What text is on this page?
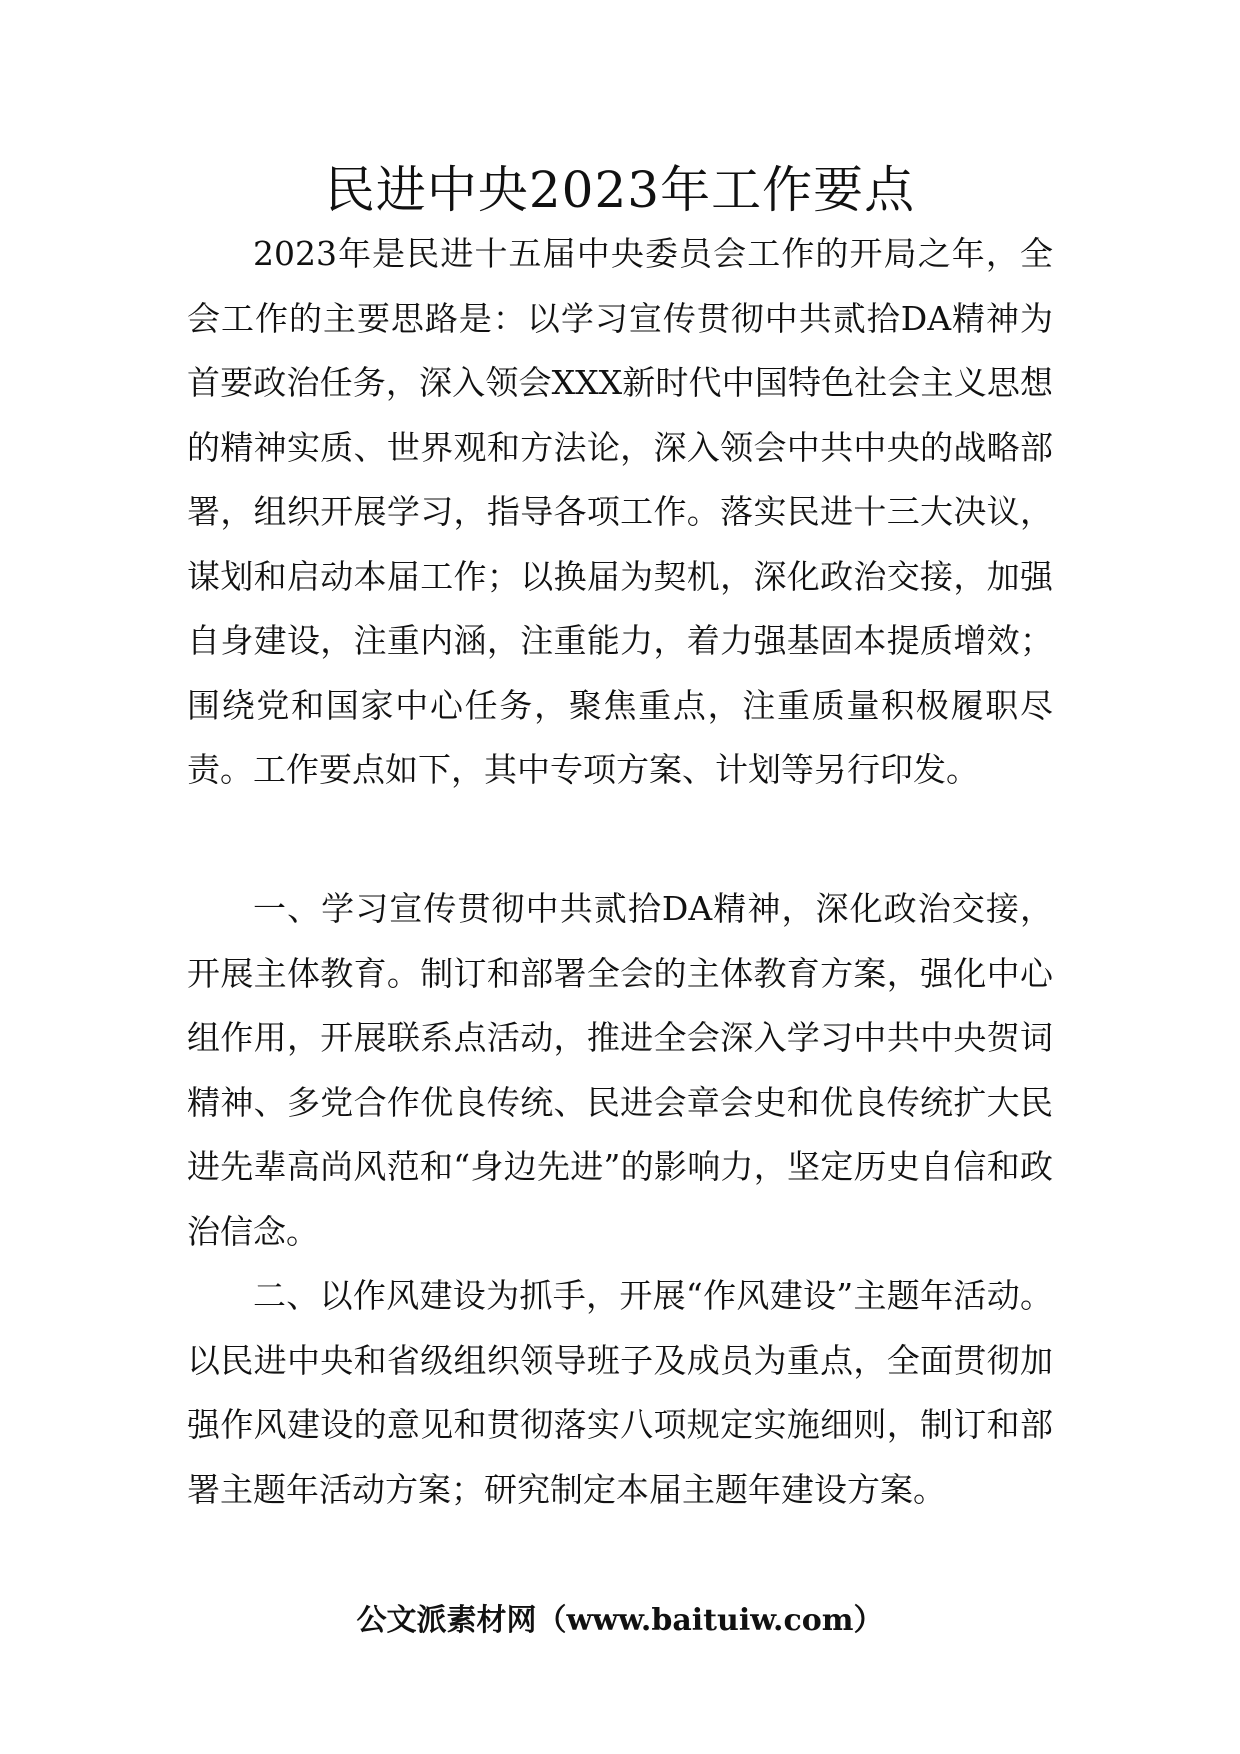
民进中央2023年工作要点

2023年是民进十五届中央委员会工作的开局之年，全会工作的主要思路是：以学习宣传贯彻中共贰拾DA精神为首要政治任务，深入领会XXX新时代中国特色社会主义思想的精神实质、世界观和方法论，深入领会中共中央的战略部署，组织开展学习，指导各项工作。落实民进十三大决议，谋划和启动本届工作；以换届为契机，深化政治交接，加强自身建设，注重内涵，注重能力，着力强基固本提质增效；围绕党和国家中心任务，聚焦重点，注重质量积极履职尽责。工作要点如下，其中专项方案、计划等另行印发。

一、学习宣传贯彻中共贰拾DA精神，深化政治交接，开展主体教育。制订和部署全会的主体教育方案，强化中心组作用，开展联系点活动，推进全会深入学习中共中央贺词精神、多党合作优良传统、民进会章会史和优良传统扩大民进先辈高尚风范和“身边先进”的影响力，坚定历史自信和政治信念。

二、以作风建设为抓手，开展“作风建设”主题年活动。以民进中央和省级组织领导班子及成员为重点，全面贯彻加强作风建设的意见和贯彻落实八项规定实施细则，制订和部署主题年活动方案；研究制定本届主题年建设方案。

公文派素材网（www.baituiw.com）
